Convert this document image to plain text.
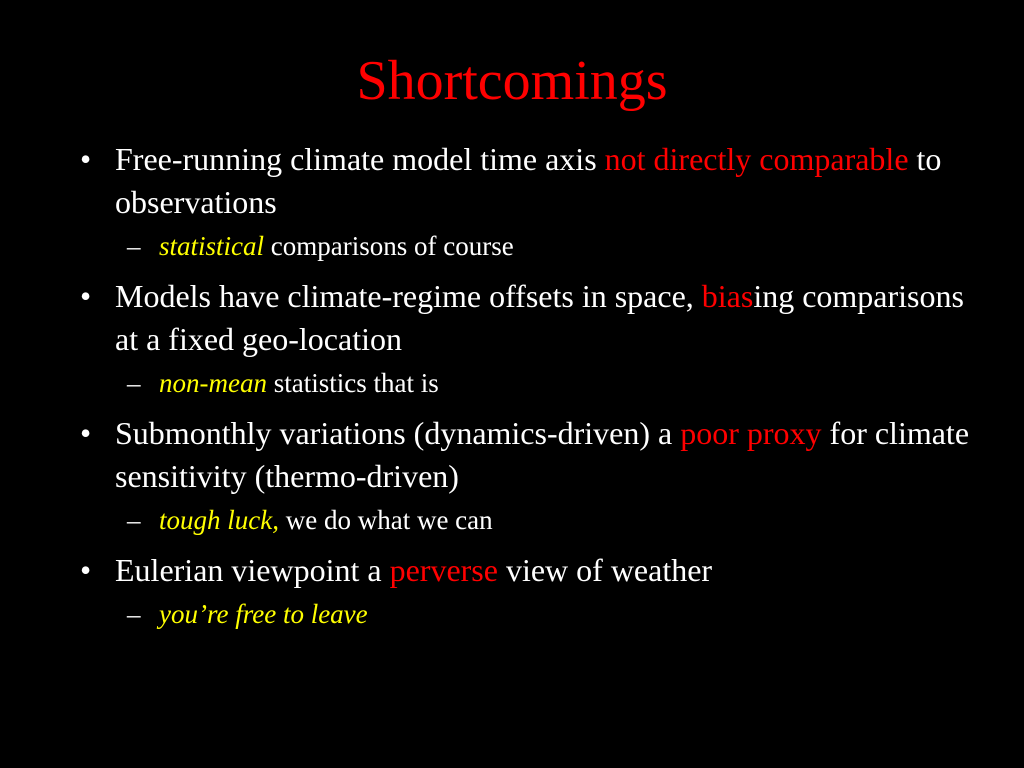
Shortcomings
• Free-running climate model time axis not directly comparable to observations
– statistical comparisons of course
• Models have climate-regime offsets in space, biasing comparisons at a fixed geo-location
– non-mean statistics that is
• Submonthly variations (dynamics-driven) a poor proxy for climate sensitivity (thermo-driven)
– tough luck, we do what we can
• Eulerian viewpoint a perverse view of weather
– you’re free to leave
